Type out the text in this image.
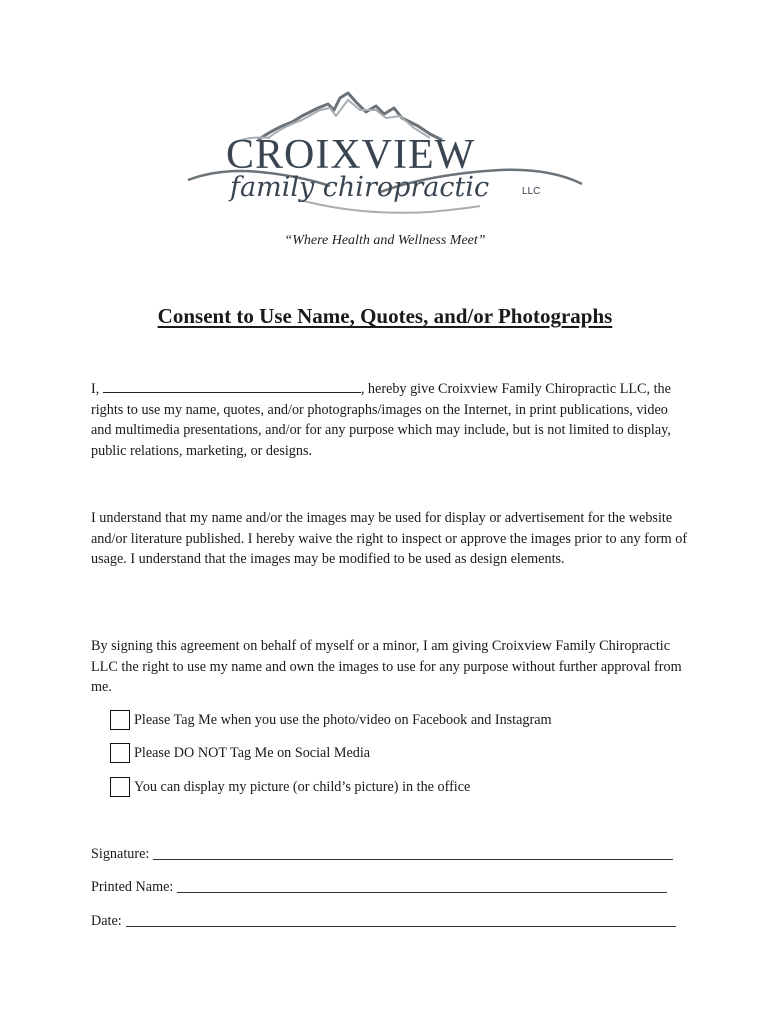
CROIXVIEW
family chiropractic	LLC
“Where Health and Wellness Meet”
Consent to Use Name, Quotes, and/or Photographs

I,	, hereby give Croixview Family Chiropractic LLC, the rights to use my name, quotes, and/or photographs/images on the Internet, in print publications, video and multimedia presentations, and/or for any purpose which may include, but is not limited to display, public relations, marketing, or designs.

I understand that my name and/or the images may be used for display or advertisement for the website and/or literature published. I hereby waive the right to inspect or approve the images prior to any form of usage. I understand that the images may be modified to be used as design elements.

By signing this agreement on behalf of myself or a minor, I am giving Croixview Family Chiropractic LLC the right to use my name and own the images to use for any purpose without further approval from me.

Please Tag Me when you use the photo/video on Facebook and Instagram
Please DO NOT Tag Me on Social Media
You can display my picture (or child’s picture) in the office
Signature:
Printed Name:
Date:
